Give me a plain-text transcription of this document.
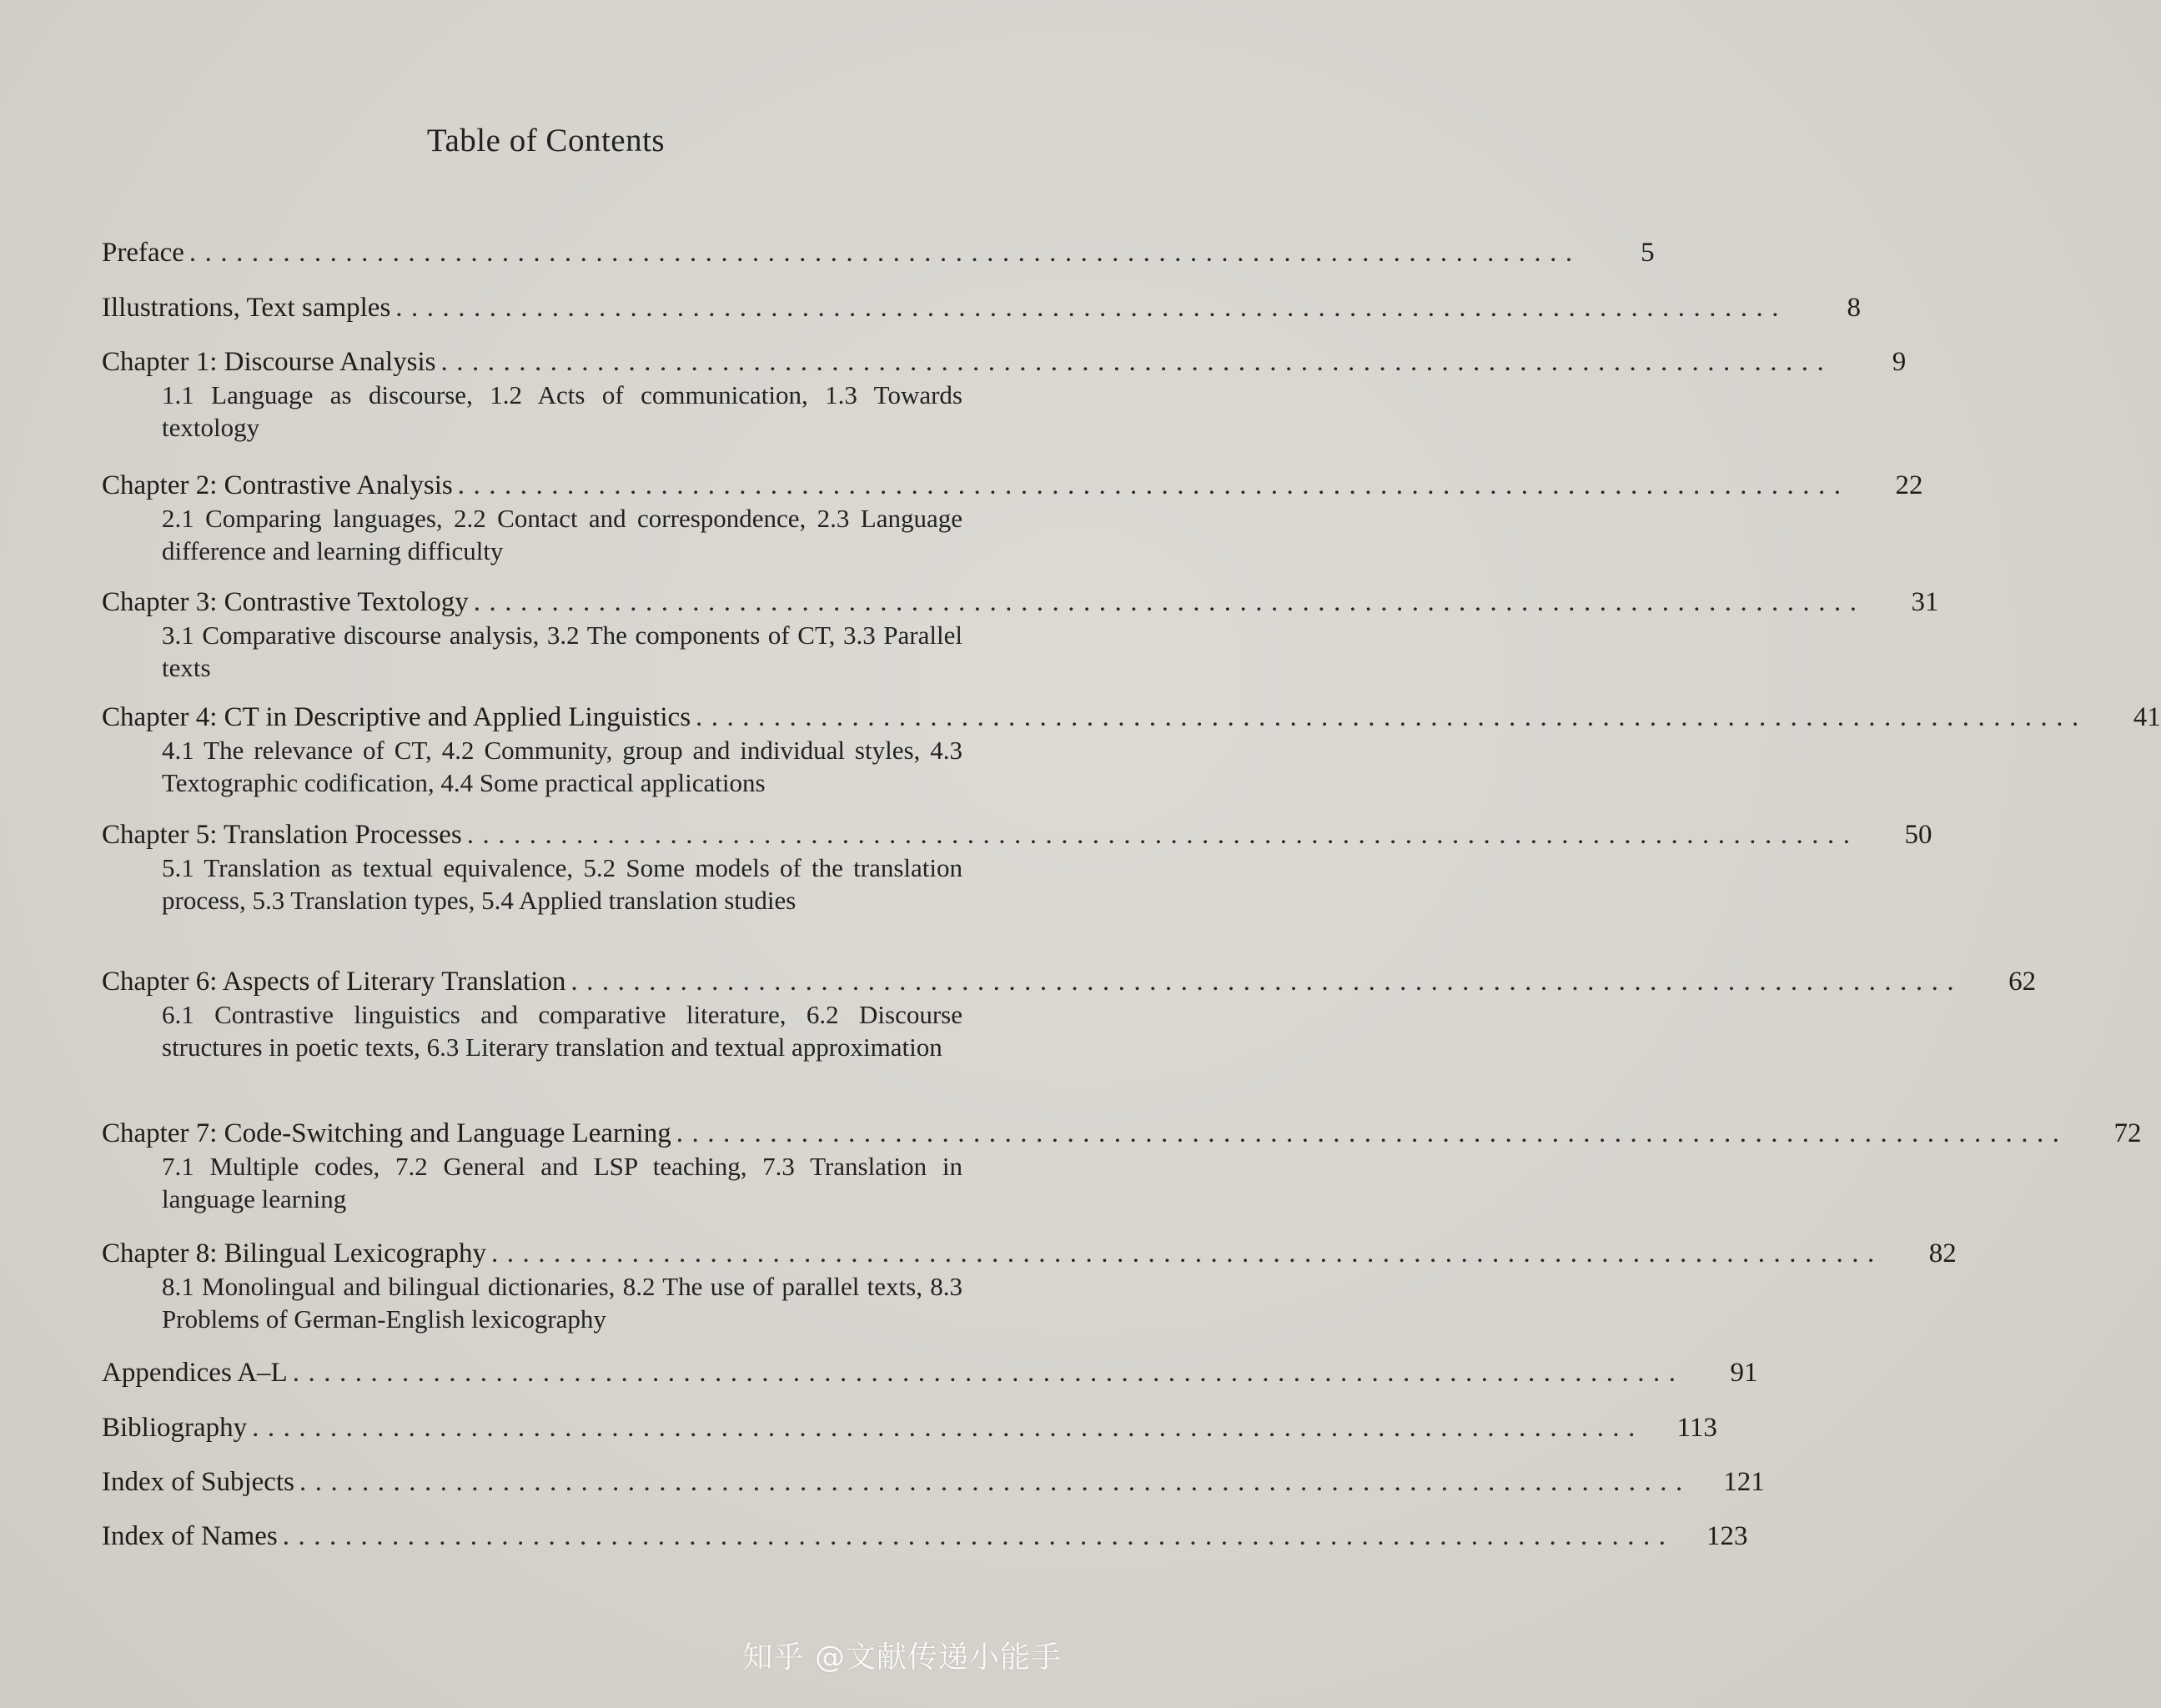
Table of Contents
Preface .........................................................................................	5
Illustrations, Text samples .........................................................................................	8
Chapter 1: Discourse Analysis .........................................................................................	9
1.1 Language as discourse, 1.2 Acts of communication, 1.3 Towards textology
Chapter 2: Contrastive Analysis .........................................................................................	22
2.1 Comparing languages, 2.2 Contact and correspondence, 2.3 Language difference and learning difficulty
Chapter 3: Contrastive Textology .........................................................................................	31
3.1 Comparative discourse analysis, 3.2 The components of CT, 3.3 Parallel texts
Chapter 4: CT in Descriptive and Applied Linguistics .........................................................................................	41
4.1 The relevance of CT, 4.2 Community, group and individual styles, 4.3 Textographic codification, 4.4 Some practical applications
Chapter 5: Translation Processes .........................................................................................	50
5.1 Translation as textual equivalence, 5.2 Some models of the translation process, 5.3 Translation types, 5.4 Applied translation studies
Chapter 6: Aspects of Literary Translation .........................................................................................	62
6.1 Contrastive linguistics and comparative literature, 6.2 Discourse structures in poetic texts, 6.3 Literary translation and textual approximation
Chapter 7: Code-Switching and Language Learning .........................................................................................	72
7.1 Multiple codes, 7.2 General and LSP teaching, 7.3 Translation in language learning
Chapter 8: Bilingual Lexicography .........................................................................................	82
8.1 Monolingual and bilingual dictionaries, 8.2 The use of parallel texts, 8.3 Problems of German-English lexicography
Appendices A–L .........................................................................................	91
Bibliography .........................................................................................	113
Index of Subjects .........................................................................................	121
Index of Names .........................................................................................	123
知乎 @文献传递小能手
